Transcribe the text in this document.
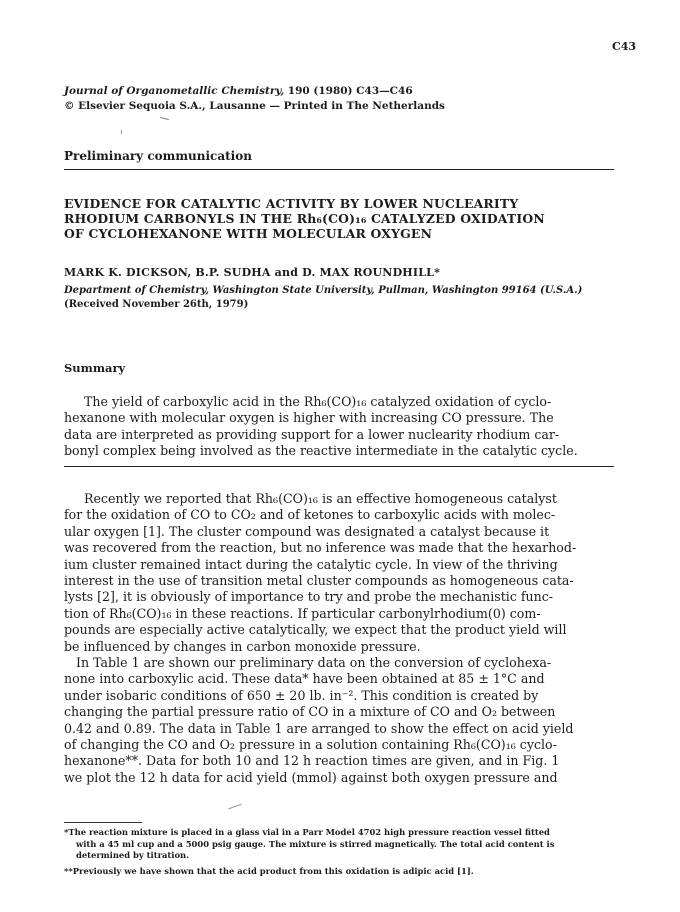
C43
Journal of Organometallic Chemistry, 190 (1980) C43—C46
© Elsevier Sequoia S.A., Lausanne — Printed in The Netherlands
Preliminary communication
EVIDENCE FOR CATALYTIC ACTIVITY BY LOWER NUCLEARITY
RHODIUM CARBONYLS IN THE Rh₆(CO)₁₆ CATALYZED OXIDATION
OF CYCLOHEXANONE WITH MOLECULAR OXYGEN
MARK K. DICKSON, B.P. SUDHA and D. MAX ROUNDHILL*
Department of Chemistry, Washington State University, Pullman, Washington 99164 (U.S.A.)
(Received November 26th, 1979)
Summary
The yield of carboxylic acid in the Rh₆(CO)₁₆ catalyzed oxidation of cyclo-
hexanone with molecular oxygen is higher with increasing CO pressure. The
data are interpreted as providing support for a lower nuclearity rhodium car-
bonyl complex being involved as the reactive intermediate in the catalytic cycle.
Recently we reported that Rh₆(CO)₁₆ is an effective homogeneous catalyst
for the oxidation of CO to CO₂ and of ketones to carboxylic acids with molec-
ular oxygen [1]. The cluster compound was designated a catalyst because it
was recovered from the reaction, but no inference was made that the hexarhod-
ium cluster remained intact during the catalytic cycle. In view of the thriving
interest in the use of transition metal cluster compounds as homogeneous cata-
lysts [2], it is obviously of importance to try and probe the mechanistic func-
tion of Rh₆(CO)₁₆ in these reactions. If particular carbonylrhodium(0) com-
pounds are especially active catalytically, we expect that the product yield will
be influenced by changes in carbon monoxide pressure.
In Table 1 are shown our preliminary data on the conversion of cyclohexa-
none into carboxylic acid. These data* have been obtained at 85 ± 1°C and
under isobaric conditions of 650 ± 20 lb. in⁻². This condition is created by
changing the partial pressure ratio of CO in a mixture of CO and O₂ between
0.42 and 0.89. The data in Table 1 are arranged to show the effect on acid yield
of changing the CO and O₂ pressure in a solution containing Rh₆(CO)₁₆ cyclo-
hexanone**. Data for both 10 and 12 h reaction times are given, and in Fig. 1
we plot the 12 h data for acid yield (mmol) against both oxygen pressure and
*The reaction mixture is placed in a glass vial in a Parr Model 4702 high pressure reaction vessel fitted
with a 45 ml cup and a 5000 psig gauge. The mixture is stirred magnetically. The total acid content is
determined by titration.
**Previously we have shown that the acid product from this oxidation is adipic acid [1].
